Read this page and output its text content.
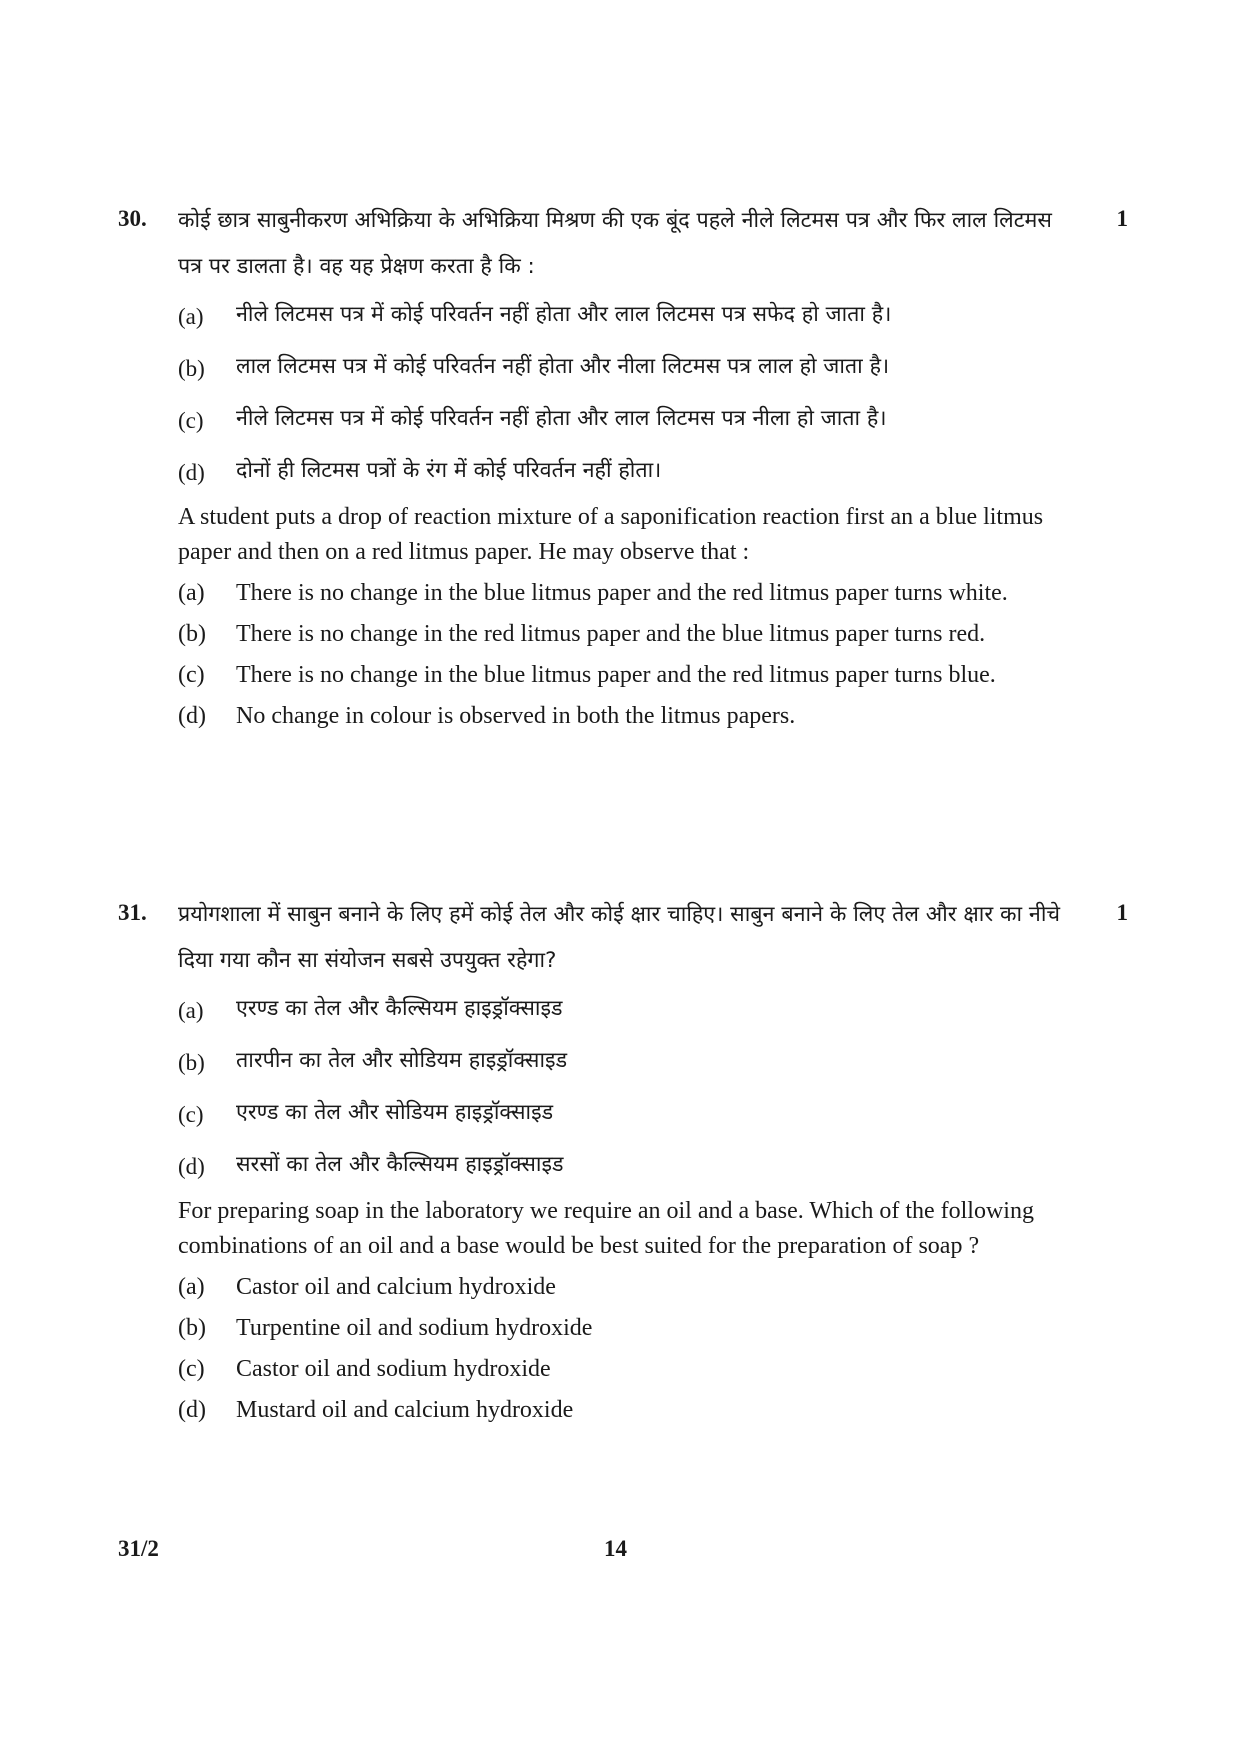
30.	1

कोई छात्र साबुनीकरण अभिक्रिया के अभिक्रिया मिश्रण की एक बूंद पहले नीले लिटमस पत्र और फिर लाल लिटमस पत्र पर डालता है। वह यह प्रेक्षण करता है कि :

(a) नीले लिटमस पत्र में कोई परिवर्तन नहीं होता और लाल लिटमस पत्र सफेद हो जाता है।
(b) लाल लिटमस पत्र में कोई परिवर्तन नहीं होता और नीला लिटमस पत्र लाल हो जाता है।
(c) नीले लिटमस पत्र में कोई परिवर्तन नहीं होता और लाल लिटमस पत्र नीला हो जाता है।
(d) दोनों ही लिटमस पत्रों के रंग में कोई परिवर्तन नहीं होता।

A student puts a drop of reaction mixture of a saponification reaction first an a blue litmus paper and then on a red litmus paper. He may observe that :

(a) There is no change in the blue litmus paper and the red litmus paper turns white.
(b) There is no change in the red litmus paper and the blue litmus paper turns red.
(c) There is no change in the blue litmus paper and the red litmus paper turns blue.
(d) No change in colour is observed in both the litmus papers.
31.	1

प्रयोगशाला में साबुन बनाने के लिए हमें कोई तेल और कोई क्षार चाहिए। साबुन बनाने के लिए तेल और क्षार का नीचे दिया गया कौन सा संयोजन सबसे उपयुक्त रहेगा?

(a) एरण्ड का तेल और कैल्सियम हाइड्रॉक्साइड
(b) तारपीन का तेल और सोडियम हाइड्रॉक्साइड
(c) एरण्ड का तेल और सोडियम हाइड्रॉक्साइड
(d) सरसों का तेल और कैल्सियम हाइड्रॉक्साइड

For preparing soap in the laboratory we require an oil and a base. Which of the following combinations of an oil and a base would be best suited for the preparation of soap ?

(a) Castor oil and calcium hydroxide
(b) Turpentine oil and sodium hydroxide
(c) Castor oil and sodium hydroxide
(d) Mustard oil and calcium hydroxide
31/2	14
